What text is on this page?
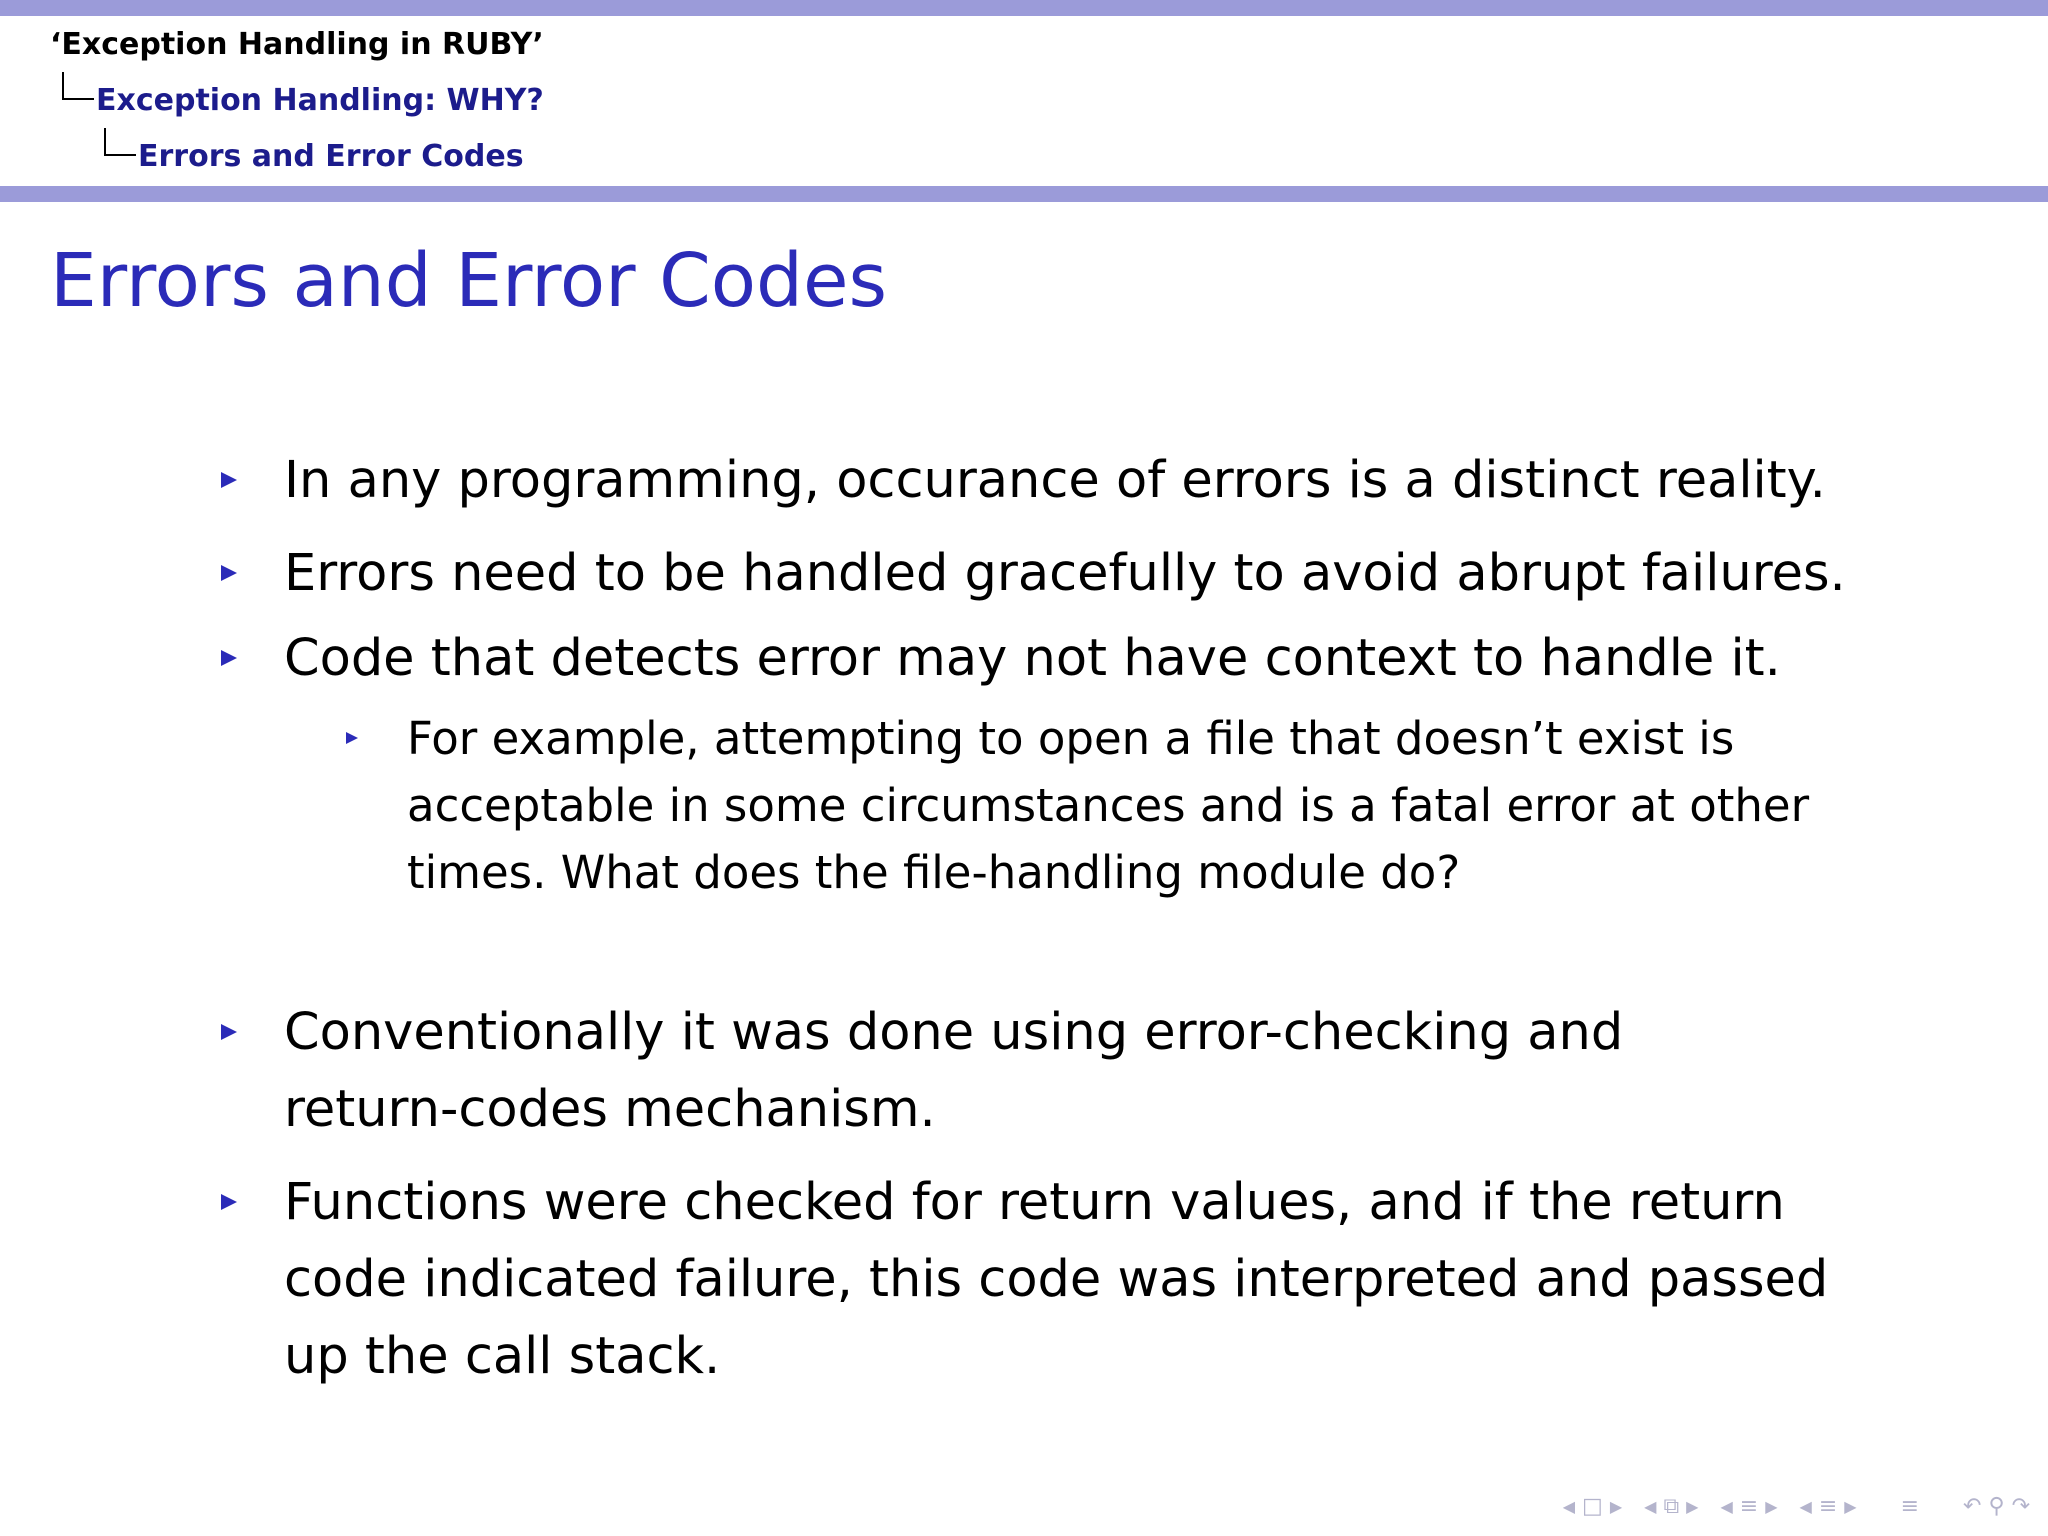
‘Exception Handling in RUBY’
Exception Handling: WHY?
Errors and Error Codes
Errors and Error Codes
In any programming, occurance of errors is a distinct reality.
Errors need to be handled gracefully to avoid abrupt failures.
Code that detects error may not have context to handle it.
For example, attempting to open a file that doesn’t exist is
acceptable in some circumstances and is a fatal error at other
times. What does the file-handling module do?
Conventionally it was done using error-checking and
return-codes mechanism.
Functions were checked for return values, and if the return
code indicated failure, this code was interpreted and passed
up the call stack.
◀ □ ▶ ◀ ⧉ ▶ ◀ ≡ ▶ ◀ ≡ ▶ ≡ ↶ ⚲ ↷
